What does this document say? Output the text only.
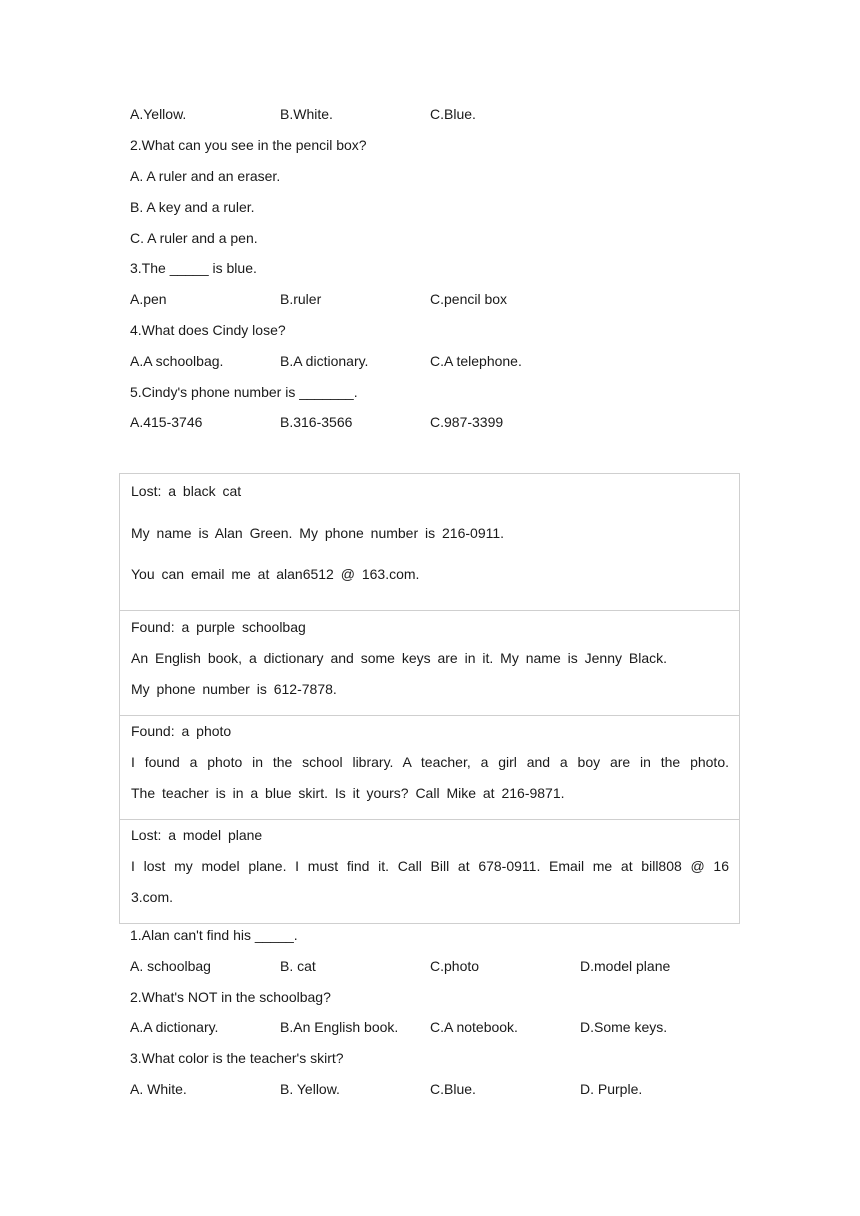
A.Yellow.	B.White.	C.Blue.
2.What can you see in the pencil box?
A. A ruler and an eraser.
B. A key and a ruler.
C. A ruler and a pen.
3.The _____ is blue.
A.pen	B.ruler	C.pencil box
4.What does Cindy lose?
A.A schoolbag.	B.A dictionary.	C.A telephone.
5.Cindy's phone number is _______.
A.415-3746	B.316-3566	C.987-3399
Lost: a black cat
My name is Alan Green. My phone number is 216-0911.
You can email me at alan6512 @ 163.com.
Found: a purple schoolbag
An English book, a dictionary and some keys are in it. My name is Jenny Black.
My phone number is 612-7878.
Found: a photo
I found a photo in the school library. A teacher, a girl and a boy are in the photo.
The teacher is in a blue skirt. Is it yours? Call Mike at 216-9871.
Lost: a model plane
I lost my model plane. I must find it. Call Bill at 678-0911. Email me at bill808 @ 16
3.com.
1.Alan can't find his _____.
A. schoolbag	B. cat	C.photo	D.model plane
2.What's NOT in the schoolbag?
A.A dictionary.	B.An English book. C.A notebook.	D.Some keys.
3.What color is the teacher's skirt?
A. White.	B. Yellow.	C.Blue.	D. Purple.
